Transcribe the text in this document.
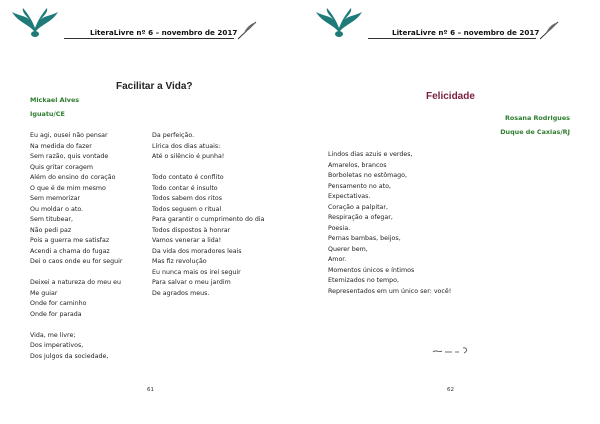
LiteraLivre nº 6 – novembro de 2017
Facilitar a Vida?
Mickael Alves
Iguatu/CE
Eu agi, ousei não pensar
Na medida do fazer
Sem razão, quis vontade
Quis gritar coragem
Além do ensino do coração
O que é de mim mesmo
Sem memorizar
Ou moldar o ato.
Sem titubear,
Não pedi paz
Pois a guerra me satisfaz
Acendi a chama do fugaz
Dei o caos onde eu for seguir
Deixei a natureza do meu eu
Me guiar
Onde for caminho
Onde for parada
Vida, me livre;
Dos imperativos,
Dos julgos da sociedade,
Da perfeição.
Lírica dos dias atuais:
Até o silêncio é punha!
Todo contato é conflito
Todo contar é insulto
Todos sabem dos ritos
Todos seguem o ritual
Para garantir o cumprimento do dia
Todos dispostos à honrar
Vamos venerar a lida!
Da vida dos moradores leais
Mas fiz revolução
Eu nunca mais os irei seguir
Para salvar o meu jardim
De agrados meus.
61
LiteraLivre nº 6 – novembro de 2017
Felicidade
Rosana Rodrigues
Duque de Caxias/RJ
Lindos dias azuis e verdes,
Amarelos, brancos
Borboletas no estômago,
Pensamento no ato,
Expectativas.
Coração a palpitar,
Respiração a ofegar,
Poesia.
Pernas bambas, beijos,
Querer bem,
Amor.
Momentos únicos e íntimos
Eternizados no tempo,
Representados em um único ser: você!
62
